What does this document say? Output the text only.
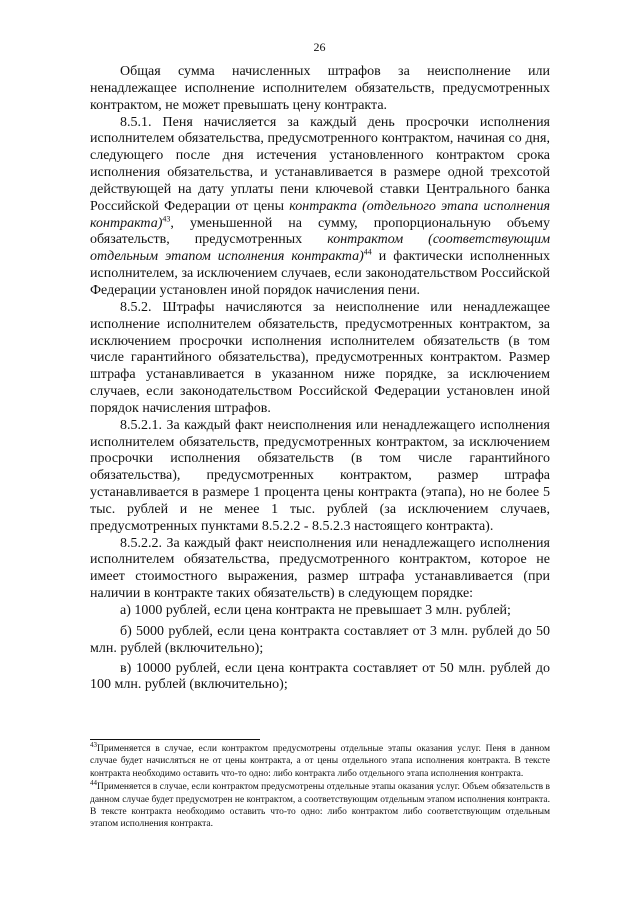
26

Общая сумма начисленных штрафов за неисполнение или ненадлежащее исполнение исполнителем обязательств, предусмотренных контрактом, не может превышать цену контракта.

8.5.1. Пеня начисляется за каждый день просрочки исполнения исполнителем обязательства, предусмотренного контрактом, начиная со дня, следующего после дня истечения установленного контрактом срока исполнения обязательства, и устанавливается в размере одной трехсотой действующей на дату уплаты пени ключевой ставки Центрального банка Российской Федерации от цены контракта (отдельного этапа исполнения контракта)$^{43}$, уменьшенной на сумму, пропорциональную объему обязательств, предусмотренных контрактом (соответствующим отдельным этапом исполнения контракта)$^{44}$ и фактически исполненных исполнителем, за исключением случаев, если законодательством Российской Федерации установлен иной порядок начисления пени.

8.5.2. Штрафы начисляются за неисполнение или ненадлежащее исполнение исполнителем обязательств, предусмотренных контрактом, за исключением просрочки исполнения исполнителем обязательств (в том числе гарантийного обязательства), предусмотренных контрактом. Размер штрафа устанавливается в указанном ниже порядке, за исключением случаев, если законодательством Российской Федерации установлен иной порядок начисления штрафов.

8.5.2.1. За каждый факт неисполнения или ненадлежащего исполнения исполнителем обязательств, предусмотренных контрактом, за исключением просрочки исполнения обязательств (в том числе гарантийного обязательства), предусмотренных контрактом, размер штрафа устанавливается в размере 1 процента цены контракта (этапа), но не более 5 тыс. рублей и не менее 1 тыс. рублей (за исключением случаев, предусмотренных пунктами 8.5.2.2 - 8.5.2.3 настоящего контракта).

8.5.2.2. За каждый факт неисполнения или ненадлежащего исполнения исполнителем обязательства, предусмотренного контрактом, которое не имеет стоимостного выражения, размер штрафа устанавливается (при наличии в контракте таких обязательств) в следующем порядке:

а) 1000 рублей, если цена контракта не превышает 3 млн. рублей;

б) 5000 рублей, если цена контракта составляет от 3 млн. рублей до 50 млн. рублей (включительно);

в) 10000 рублей, если цена контракта составляет от 50 млн. рублей до 100 млн. рублей (включительно);

$^{43}$Применяется в случае, если контрактом предусмотрены отдельные этапы оказания услуг. Пеня в данном случае будет начисляться не от цены контракта, а от цены отдельного этапа исполнения контракта. В тексте контракта необходимо оставить что-то одно: либо контракта либо отдельного этапа исполнения контракта.

$^{44}$Применяется в случае, если контрактом предусмотрены отдельные этапы оказания услуг. Объем обязательств в данном случае будет предусмотрен не контрактом, а соответствующим отдельным этапом исполнения контракта. В тексте контракта необходимо оставить что-то одно: либо контрактом либо соответствующим отдельным этапом исполнения контракта.
